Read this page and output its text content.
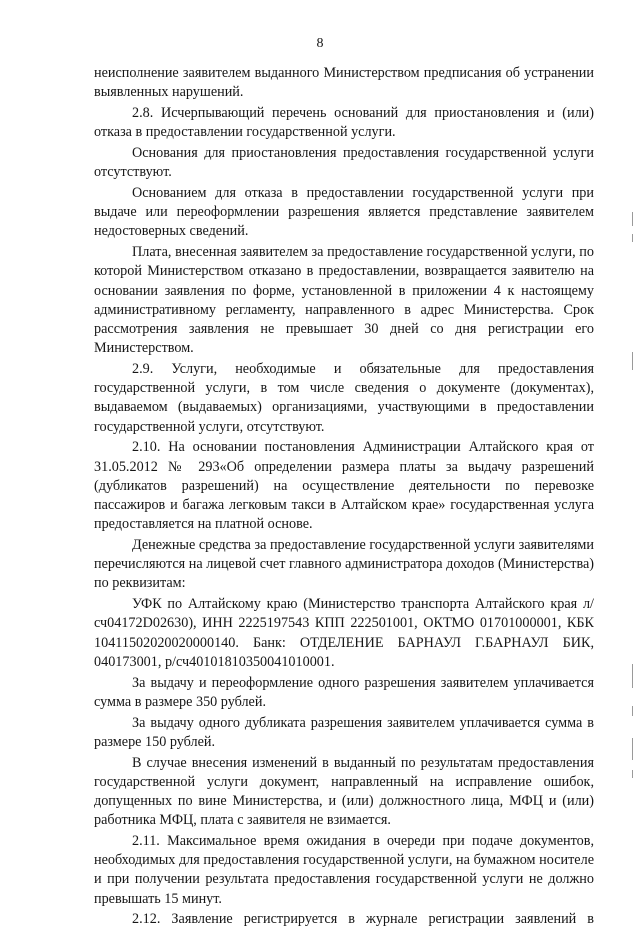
8

неисполнение заявителем выданного Министерством предписания об устранении выявленных нарушений.

2.8. Исчерпывающий перечень оснований для приостановления и (или) отказа в предоставлении государственной услуги.

Основания для приостановления предоставления государственной услуги отсутствуют.

Основанием для отказа в предоставлении государственной услуги при выдаче или переоформлении разрешения является представление заявителем недостоверных сведений.

Плата, внесенная заявителем за предоставление государственной услуги, по которой Министерством отказано в предоставлении, возвращается заявителю на основании заявления по форме, установленной в приложении 4 к настоящему административному регламенту, направленного в адрес Министерства. Срок рассмотрения заявления не превышает 30 дней со дня регистрации его Министерством.

2.9. Услуги, необходимые и обязательные для предоставления государственной услуги, в том числе сведения о документе (документах), выдаваемом (выдаваемых) организациями, участвующими в предоставлении государственной услуги, отсутствуют.

2.10. На основании постановления Администрации Алтайского края от 31.05.2012 № 293«Об определении размера платы за выдачу разрешений (дубликатов разрешений) на осуществление деятельности по перевозке пассажиров и багажа легковым такси в Алтайском крае» государственная услуга предоставляется на платной основе.

Денежные средства за предоставление государственной услуги заявителями перечисляются на лицевой счет главного администратора доходов (Министерства) по реквизитам:

УФК по Алтайскому краю (Министерство транспорта Алтайского края л/сч04172D02630), ИНН 2225197543 КПП 222501001, ОКТМО 01701000001, КБК 10411502020020000140. Банк: ОТДЕЛЕНИЕ БАРНАУЛ Г.БАРНАУЛ БИК, 040173001, р/сч40101810350041010001.

За выдачу и переоформление одного разрешения заявителем уплачивается сумма в размере 350 рублей.

За выдачу одного дубликата разрешения заявителем уплачивается сумма в размере 150 рублей.

В случае внесения изменений в выданный по результатам предоставления государственной услуги документ, направленный на исправление ошибок, допущенных по вине Министерства, и (или) должностного лица, МФЦ и (или) работника МФЦ, плата с заявителя не взимается.

2.11. Максимальное время ожидания в очереди при подаче документов, необходимых для предоставления государственной услуги, на бумажном носителе и при получении результата предоставления государственной услуги не должно превышать 15 минут.

2.12. Заявление регистрируется в журнале регистрации заявлений в
